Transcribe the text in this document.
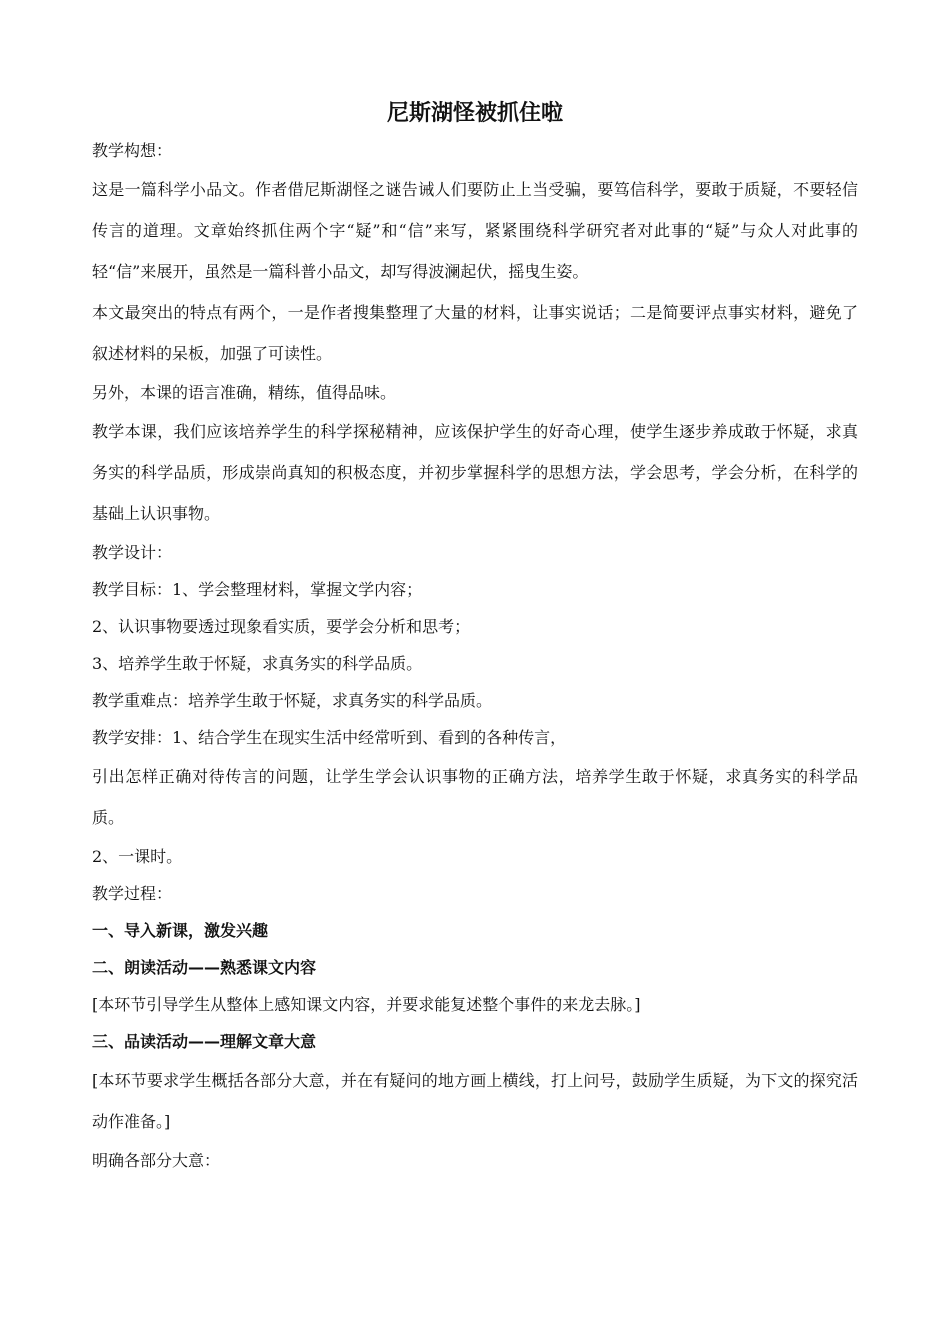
尼斯湖怪被抓住啦

教学构想：

这是一篇科学小品文。作者借尼斯湖怪之谜告诫人们要防止上当受骗，要笃信科学，要敢于质疑，不要轻信传言的道理。文章始终抓住两个字“疑”和“信”来写，紧紧围绕科学研究者对此事的“疑”与众人对此事的轻“信”来展开，虽然是一篇科普小品文，却写得波澜起伏，摇曳生姿。

本文最突出的特点有两个，一是作者搜集整理了大量的材料，让事实说话；二是简要评点事实材料，避免了叙述材料的呆板，加强了可读性。

另外，本课的语言准确，精练，值得品味。

教学本课，我们应该培养学生的科学探秘精神，应该保护学生的好奇心理，使学生逐步养成敢于怀疑，求真务实的科学品质，形成崇尚真知的积极态度，并初步掌握科学的思想方法，学会思考，学会分析，在科学的基础上认识事物。

教学设计：

教学目标：1、学会整理材料，掌握文学内容；

2、认识事物要透过现象看实质，要学会分析和思考；

3、培养学生敢于怀疑，求真务实的科学品质。

教学重难点：培养学生敢于怀疑，求真务实的科学品质。

教学安排：1、结合学生在现实生活中经常听到、看到的各种传言，

引出怎样正确对待传言的问题，让学生学会认识事物的正确方法，培养学生敢于怀疑，求真务实的科学品质。

2、一课时。

教学过程：

一、导入新课，激发兴趣

二、朗读活动——熟悉课文内容

[本环节引导学生从整体上感知课文内容，并要求能复述整个事件的来龙去脉。]

三、品读活动——理解文章大意

[本环节要求学生概括各部分大意，并在有疑问的地方画上横线，打上问号，鼓励学生质疑，为下文的探究活动作准备。]

明确各部分大意：
